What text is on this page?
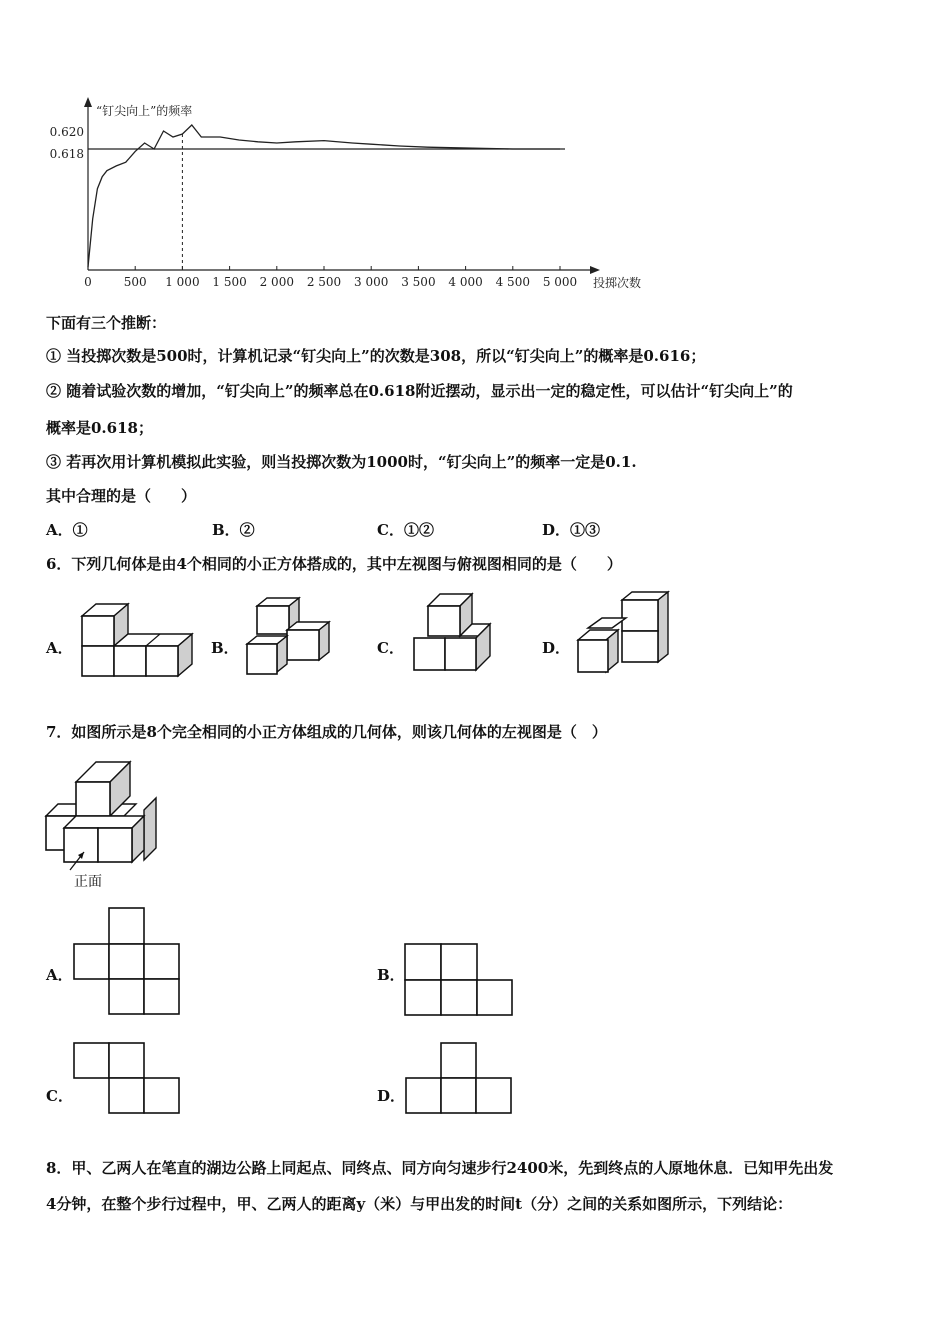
“钉尖向上”的频率
投掷次数
0	500 1 000 1 500 2 000 2 500 3 000 3 500 4 000 4 500 5 000
0.620
0.618
下面有三个推断：
① 当投掷次数是500时，计算机记录“钉尖向上”的次数是308，所以“钉尖向上”的概率是0.616；
② 随着试验次数的增加，“钉尖向上”的频率总在0.618附近摆动，显示出一定的稳定性，可以估计“钉尖向上”的
概率是0.618；
③ 若再次用计算机模拟此实验，则当投掷次数为1000时，“钉尖向上”的频率一定是0.1.
其中合理的是（　　）
A．①	B．②	C．①②	D．①③
6．下列几何体是由4个相同的小正方体搭成的，其中左视图与俯视图相同的是（　　）
A．	B．	C．	D．
7．如图所示是8个完全相同的小正方体组成的几何体，则该几何体的左视图是（　）
正面
A．	B．
C．	D．
8．甲、乙两人在笔直的湖边公路上同起点、同终点、同方向匀速步行2400米，先到终点的人原地休息．已知甲先出发
4分钟，在整个步行过程中，甲、乙两人的距离y（米）与甲出发的时间t（分）之间的关系如图所示，下列结论：
